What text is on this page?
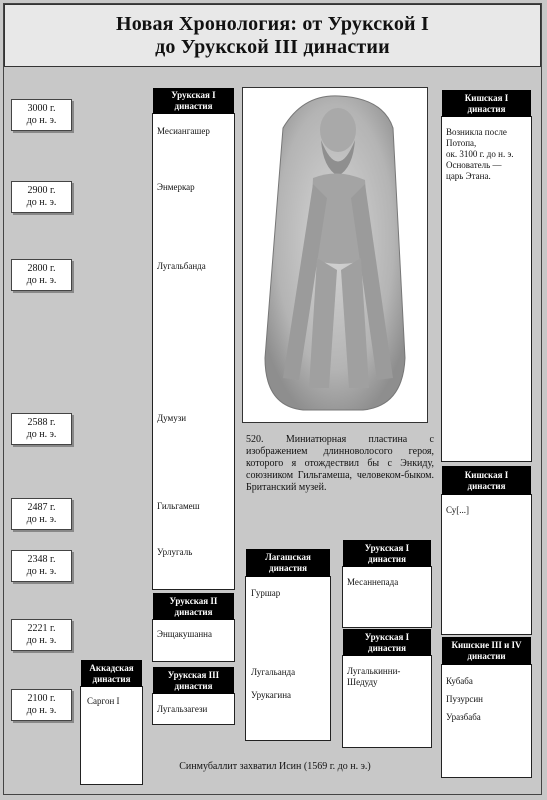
Новая Хронология: от Урукской I
до Урукской III династии
3000 г.
до н. э.
2900 г.
до н. э.
2800 г.
до н. э.
2588 г.
до н. э.
2487 г.
до н. э.
2348 г.
до н. э.
2221 г.
до н. э.
2100 г.
до н. э.
Месиангашер
Энмеркар
Лугальбанда
Думузи
Гильгамеш
Урлугаль
Урукская I
династия
Энщакушанна
Урукская II
династия
Лугальзагези
Урукская III
династия
Саргон I
Аккадская
династия
520. Миниатюрная пластина с изображением длинноволосого героя, которого я отождествил бы с Энкиду, союзником Гильгамеша, человеком-быком. Британский музей.
Гуршар
Лугальанда
Урукагина
Лагашская
династия
Месаннепада
Урукская I
династия
Лугалькинни-
Шедуду
Урукская I
династия
Возникла после
Потопа,
ок. 3100 г. до н. э.
Основатель —
царь Этана.
Кишская I
династия
Су[...]
Кишская I
династия
Кубаба
Пузурсин
Уразбаба
Кишские III и IV
династии
Синмубаллит захватил Исин (1569 г. до н. э.)
